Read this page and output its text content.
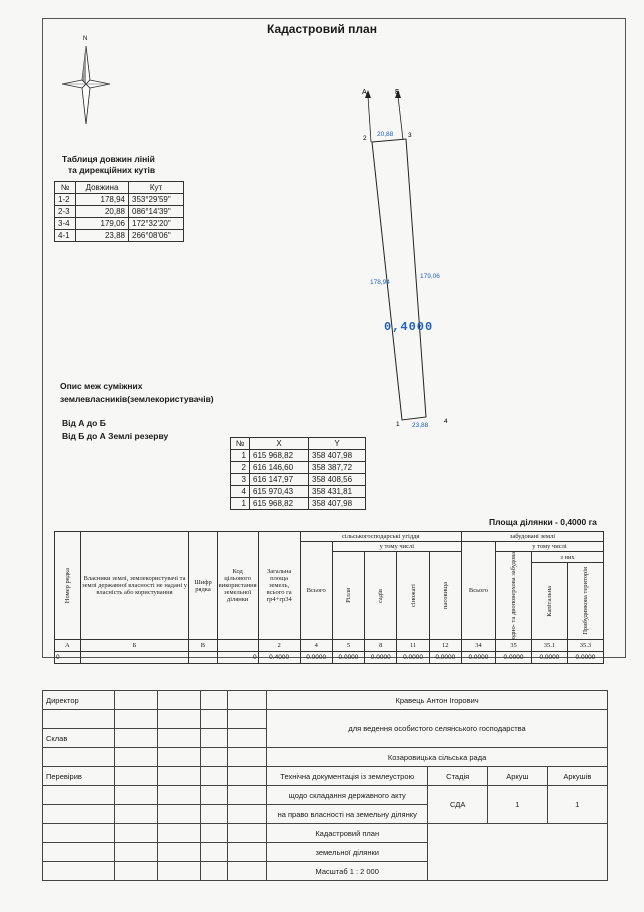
Кадастровий план
N
Таблиця довжин ліній
та дирекційних кутів
№	Довжина	Кут
1-2	178,94	353°29'59"
2-3	20,88	086°14'39"
3-4	179,06	172°32'20"
4-1	23,88	266°08'06"
А	Б
2	3
1	4
20,88
178,94
179,06
23,88
0,4000
Опис меж суміжних
землевласників(землекористувачів)
Від А до Б
Від Б до А Землі резерву
№	X	Y
1	615 968,82	358 407,98
2	616 146,60	358 387,72
3	616 147,97	358 408,56
4	615 970,43	358 431,81
1	615 968,82	358 407,98
Площа ділянки - 0,4000 га
Номер рядка	Власники землі, землекористувачі та землі державної власності не надані у власність або користування	Шифр рядка	Код цільового використання земельної ділянки	Загальна площа земель, всього га гр4+гр34	сільськогосподарські угіддя					забудовані землі			
					Всього	у тому числі				Всього	у тому числі		

						Рілля	садів	сіножаті	пасовища		одно- та двоповерхова забудова	з них	

												Капітальна	Прибудинкова територія

А	Б	В		2	4	5	8	11	12	34	35	35.1	35.3
0			0	0.4000	0.0000	0.0000	0.0000	0.0000	0.0000	0.0000	0.0000	0.0000	0.0000
Директор					Кравець Антон Ігорович			
					для ведення особистого селянського господарства			
Склав								
					Козаровицька сільська рада			
Перевірив					Технічна документація із землеустрою	Стадія	Аркуш	Аркушів
					щодо складання державного акту	СДА	1	1
					на право власності на земельну ділянку			
					Кадастровий план			
					земельної ділянки			
					Масштаб 1 : 2 000			
